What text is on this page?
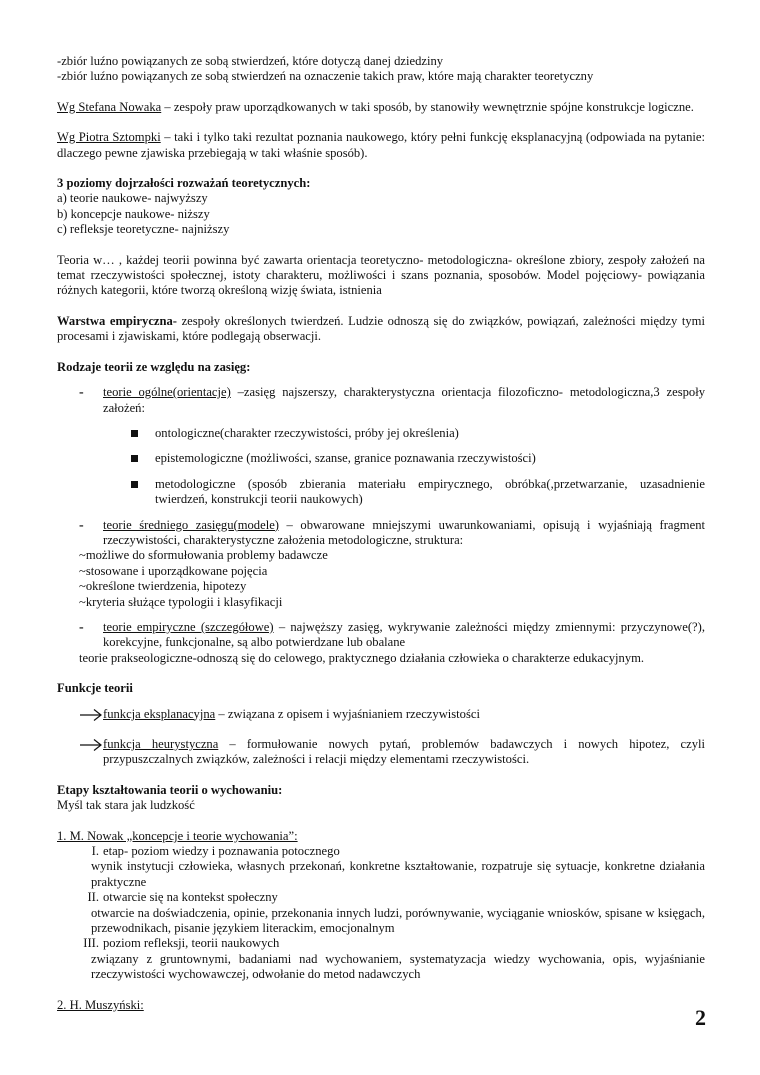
-zbiór luźno powiązanych ze sobą stwierdzeń, które dotyczą danej dziedziny

-zbiór luźno powiązanych ze sobą stwierdzeń na oznaczenie takich praw, które mają charakter teoretyczny

Wg Stefana Nowaka – zespoły praw uporządkowanych w taki sposób, by stanowiły wewnętrznie spójne konstrukcje logiczne.

Wg Piotra Sztompki – taki i tylko taki rezultat poznania naukowego, który pełni funkcję eksplanacyjną (odpowiada na pytanie: dlaczego pewne zjawiska przebiegają w taki właśnie sposób).

3 poziomy dojrzałości rozważań teoretycznych:

a) teorie naukowe- najwyższy

b) koncepcje naukowe- niższy

c) refleksje teoretyczne- najniższy

Teoria w… , każdej teorii powinna być zawarta orientacja teoretyczno- metodologiczna- określone zbiory, zespoły założeń na temat rzeczywistości społecznej, istoty charakteru, możliwości i szans poznania, sposobów. Model pojęciowy- powiązania różnych kategorii, które tworzą określoną wizję świata, istnienia

Warstwa empiryczna- zespoły określonych twierdzeń. Ludzie odnoszą się do związków, powiązań, zależności między tymi procesami i zjawiskami, które podlegają obserwacji.

Rodzaje teorii ze względu na zasięg:

- teorie ogólne(orientacje) –zasięg najszerszy, charakterystyczna orientacja filozoficzno- metodologiczna,3 zespoły założeń:
ontologiczne(charakter rzeczywistości, próby jej określenia)
epistemologiczne (możliwości, szanse, granice poznawania rzeczywistości)
metodologiczne (sposób zbierania materiału empirycznego, obróbka(,przetwarzanie, uzasadnienie twierdzeń, konstrukcji teorii naukowych)
- teorie średniego zasięgu(modele) – obwarowane mniejszymi uwarunkowaniami, opisują i wyjaśniają fragment rzeczywistości, charakterystyczne założenia metodologiczne, struktura:

~możliwe do sformułowania problemy badawcze

~stosowane i uporządkowane pojęcia

~określone twierdzenia, hipotezy

~kryteria służące typologii i klasyfikacji

- teorie empiryczne (szczegółowe) – najwęższy zasięg, wykrywanie zależności między zmiennymi: przyczynowe(?), korekcyjne, funkcjonalne, są albo potwierdzane lub obalane

teorie prakseologiczne-odnoszą się do celowego, praktycznego działania człowieka o charakterze edukacyjnym.

Funkcje teorii

funkcja eksplanacyjna – związana z opisem i wyjaśnianiem rzeczywistości
funkcja heurystyczna – formułowanie nowych pytań, problemów badawczych i nowych hipotez, czyli przypuszczalnych związków, zależności i relacji między elementami rzeczywistości.

Etapy kształtowania teorii o wychowaniu:

Myśl tak stara jak ludzkość

1. M. Nowak „koncepcje i teorie wychowania”:

I. etap- poziom wiedzy i poznawania potocznego

wynik instytucji człowieka, własnych przekonań, konkretne kształtowanie, rozpatruje się sytuacje, konkretne działania praktyczne

II. otwarcie się na kontekst społeczny

otwarcie na doświadczenia, opinie, przekonania innych ludzi, porównywanie, wyciąganie wniosków, spisane w księgach, przewodnikach, pisanie językiem literackim, emocjonalnym

III. poziom refleksji, teorii naukowych

związany z gruntownymi, badaniami nad wychowaniem, systematyzacja wiedzy wychowania, opis, wyjaśnianie rzeczywistości wychowawczej, odwołanie do metod nadawczych

2. H. Muszyński:

2
